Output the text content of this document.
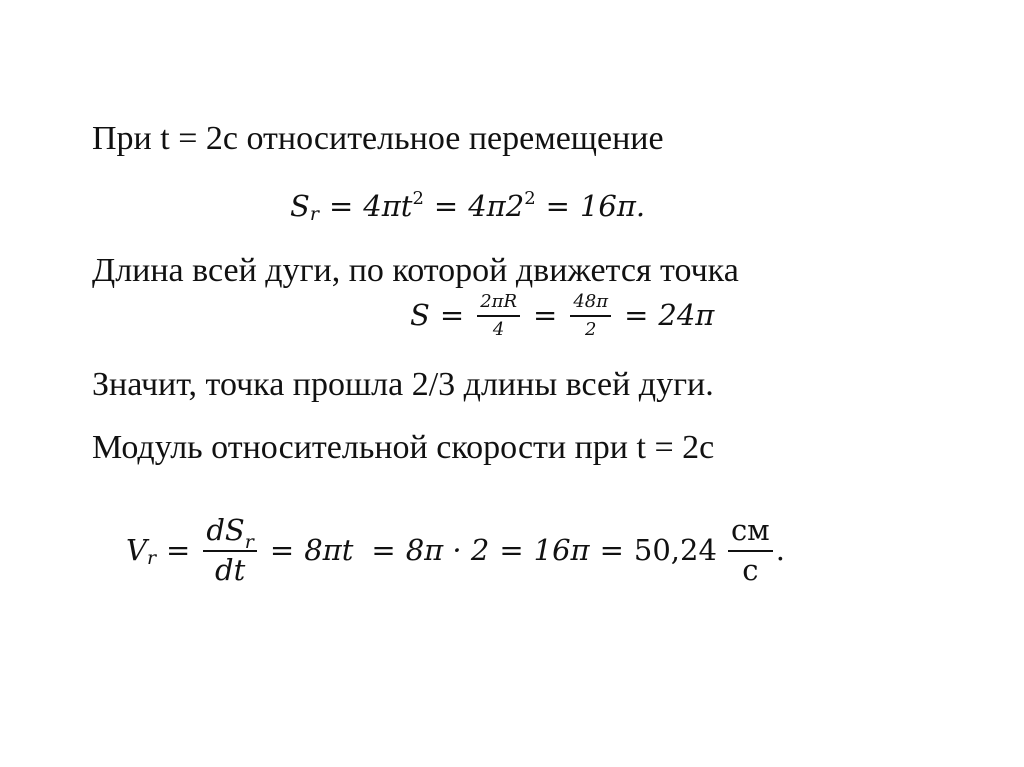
При t = 2с относительное перемещение
S $_r = 4\pi t^2 = 4\pi 2^2 = 16\pi$.
Длина всей дуги, по которой движется точка
$S = \frac{2\pi R}{4} = \frac{48\pi}{2} = 24\pi$
Значит, точка прошла 2/3 длины всей дуги.
Модуль относительной скорости при t = 2с
V $_r = \frac{dS_r}{dt} = 8\pi t = 8\pi \cdot 2 = 16\pi = 50,24 \frac{см}{с}$ .
